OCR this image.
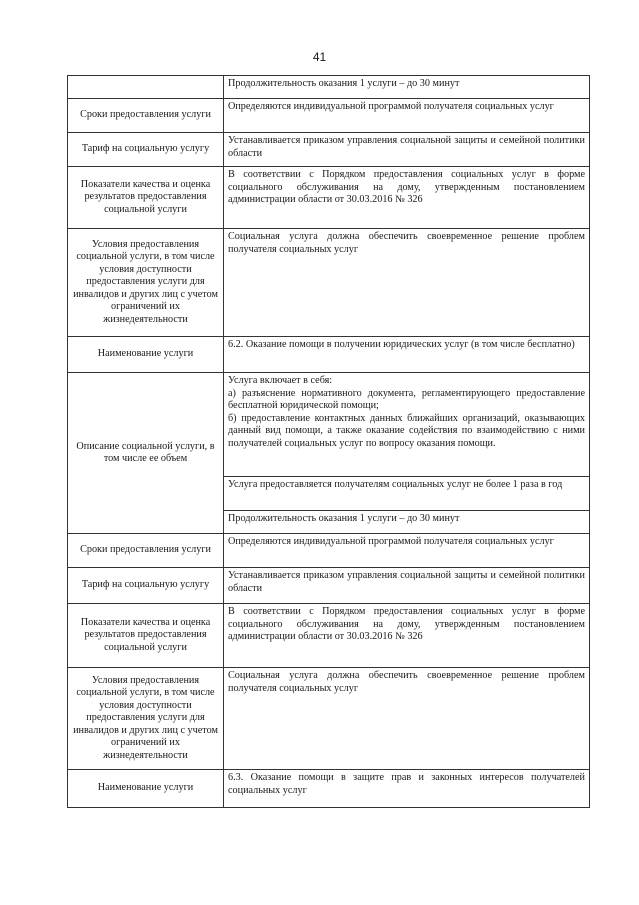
41
	Продолжительность оказания 1 услуги – до 30 минут
Сроки предоставления услуги	Определяются индивидуальной программой получателя социальных услуг
Тариф на социальную услугу	Устанавливается приказом управления социальной защиты и семейной политики области
Показатели качества и оценка результатов предоставления социальной услуги	В соответствии с Порядком предоставления социальных услуг в форме социального обслуживания на дому, утвержденным постановлением администрации области от 30.03.2016 № 326
Условия предоставления социальной услуги, в том числе условия доступности предоставления услуги для инвалидов и других лиц с учетом ограничений их жизнедеятельности	Социальная услуга должна обеспечить своевременное решение проблем получателя социальных услуг
Наименование услуги	6.2. Оказание помощи в получении юридических услуг (в том числе бесплатно)
Описание социальной услуги, в том числе ее объем	Услуга включает в себя:
а) разъяснение нормативного документа, регламентирующего предоставление бесплатной юридической помощи;
б) предоставление контактных данных ближайших организаций, оказывающих данный вид помощи, а также оказание содействия по взаимодействию с ними получателей социальных услуг по вопросу оказания помощи.
	Услуга предоставляется получателям социальных услуг не более 1 раза в год
	Продолжительность оказания 1 услуги – до 30 минут
Сроки предоставления услуги	Определяются индивидуальной программой получателя социальных услуг
Тариф на социальную услугу	Устанавливается приказом управления социальной защиты и семейной политики области
Показатели качества и оценка результатов предоставления социальной услуги	В соответствии с Порядком предоставления социальных услуг в форме социального обслуживания на дому, утвержденным постановлением администрации области от 30.03.2016 № 326
Условия предоставления социальной услуги, в том числе условия доступности предоставления услуги для инвалидов и других лиц с учетом ограничений их жизнедеятельности	Социальная услуга должна обеспечить своевременное решение проблем получателя социальных услуг
Наименование услуги	6.3. Оказание помощи в защите прав и законных интересов получателей социальных услуг
